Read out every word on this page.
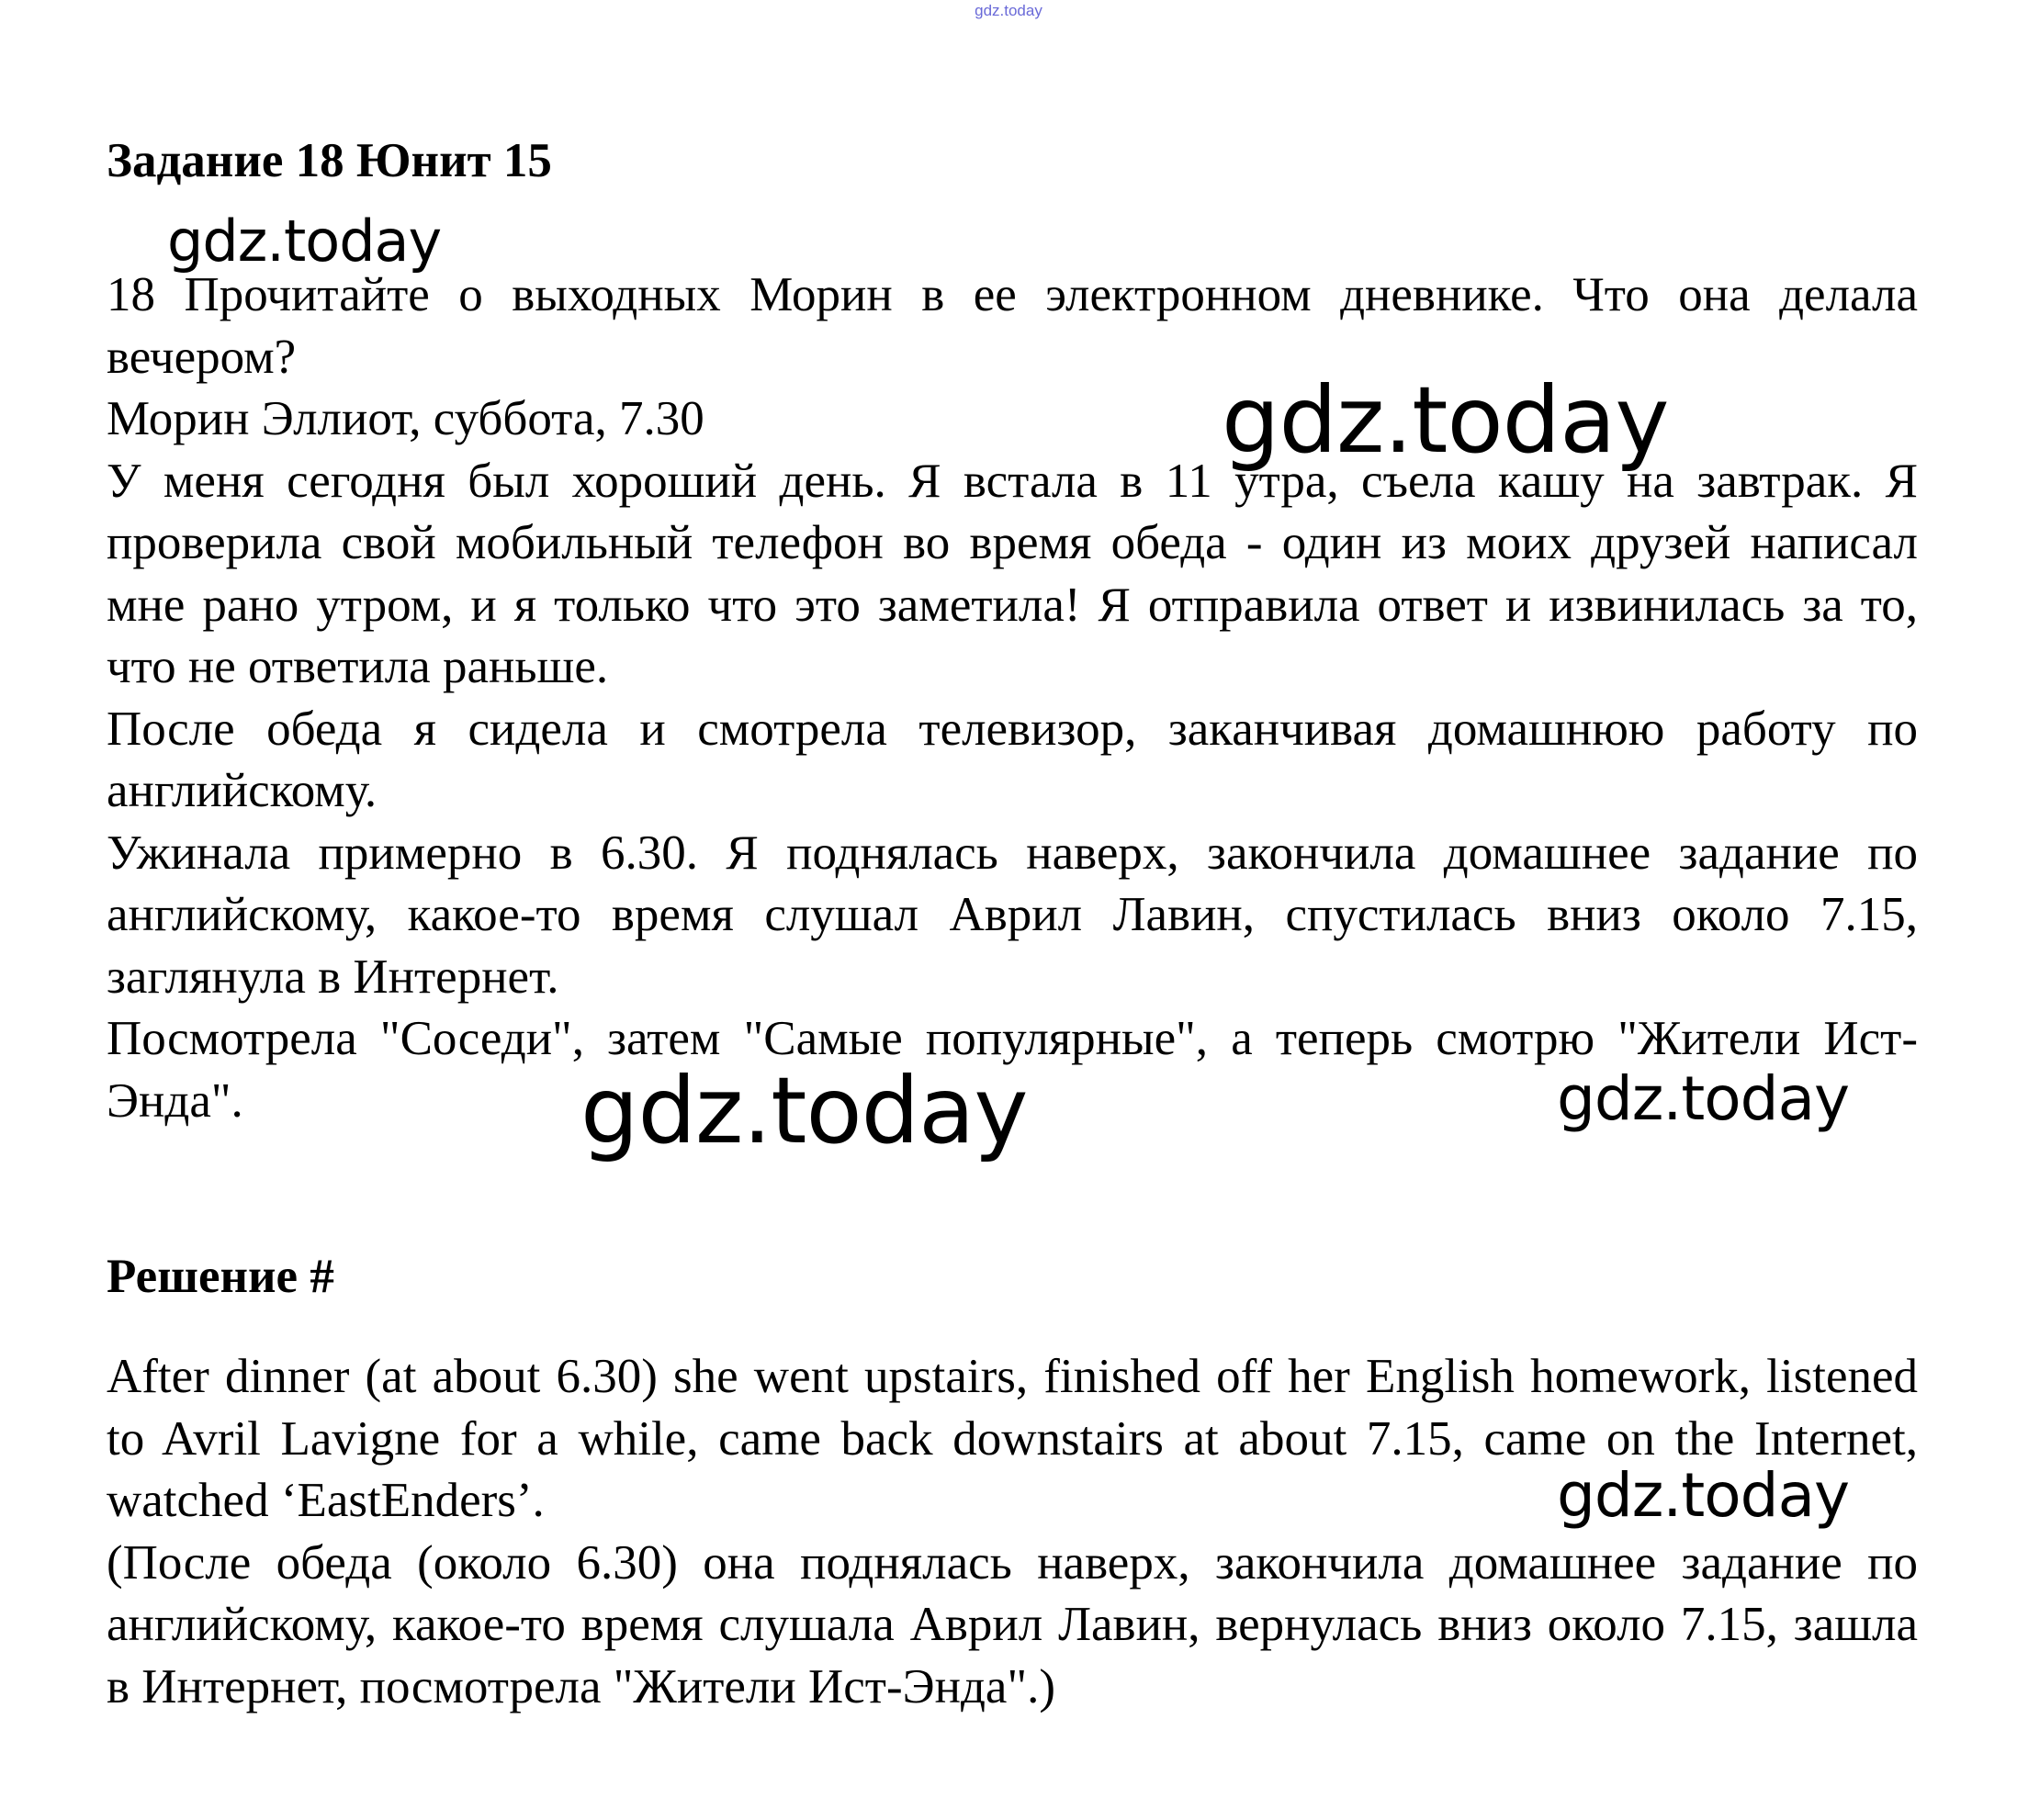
gdz.today
Задание 18 Юнит 15

18 Прочитайте о выходных Морин в ее электронном дневнике. Что она делала вечером?

Морин Эллиот, суббота, 7.30

У меня сегодня был хороший день. Я встала в 11 утра, съела кашу на завтрак. Я проверила свой мобильный телефон во время обеда - один из моих друзей написал мне рано утром, и я только что это заметила! Я отправила ответ и извинилась за то, что не ответила раньше.

После обеда я сидела и смотрела телевизор, заканчивая домашнюю работу по английскому.

Ужинала примерно в 6.30. Я поднялась наверх, закончила домашнее задание по английскому, какое-то время слушал Аврил Лавин, спустилась вниз около 7.15, заглянула в Интернет.

Посмотрела "Соседи", затем "Самые популярные", а теперь смотрю "Жители Ист-Энда".

Решение #

After dinner (at about 6.30) she went upstairs, finished off her English homework, listened to Avril Lavigne for a while, came back downstairs at about 7.15, came on the Internet, watched ‘EastEnders’.

(После обеда (около 6.30) она поднялась наверх, закончила домашнее задание по английскому, какое-то время слушала Аврил Лавин, вернулась вниз около 7.15, зашла в Интернет, посмотрела "Жители Ист-Энда".)

gdz.today
gdz.today
gdz.today	gdz.today
gdz.today
